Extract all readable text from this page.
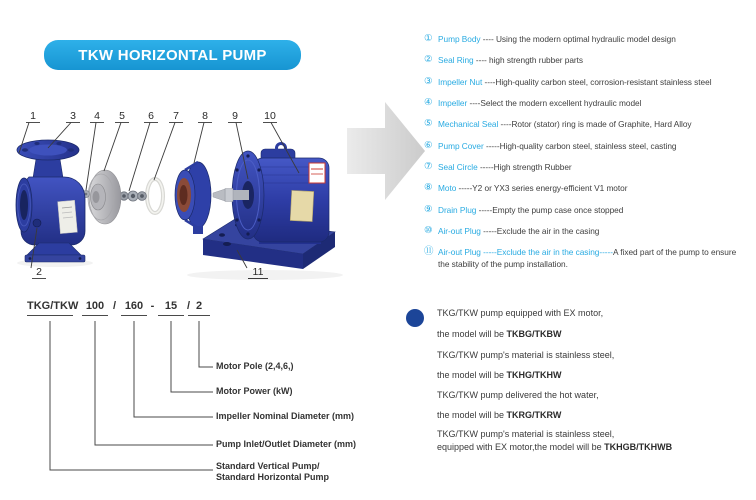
TKW HORIZONTAL PUMP
1	3 4 5 6 7 8 9 10
2	11
① Pump Body ---- Using the modern optimal hydraulic model design
② Seal Ring ---- high strength rubber parts
③ Impeller Nut ----High-quality carbon steel, corrosion-resistant stainless steel
④ Impeller ----Select the modern excellent hydraulic model
⑤ Mechanical Seal ----Rotor (stator) ring is made of Graphite, Hard Alloy
⑥ Pump Cover -----High-quality carbon steel, stainless steel, casting
⑦ Seal Circle -----High strength Rubber
⑧ Moto -----Y2 or YX3 series energy-efficient V1 motor
⑨ Drain Plug -----Empty the pump case once stopped
⑩ Air-out Plug -----Exclude the air in the casing
⑪ Air-out Plug -----Exclude the air in the casing-----A fixed part of the pump to ensure the stability of the pump installation.
TKG/TKW 100 / 160 - 15 / 2
Motor Pole (2,4,6,)
Motor Power (kW)
Impeller Nominal Diameter (mm)
Pump Inlet/Outlet Diameter (mm)
Standard Vertical Pump/
Standard Horizontal Pump
TKG/TKW pump equipped with EX motor,
the model will be TKBG/TKBW
TKG/TKW pump's material is stainless steel,
the model will be TKHG/TKHW
TKG/TKW pump delivered the hot water,
the model will be TKRG/TKRW
TKG/TKW pump's material is stainless steel,
equipped with EX motor,the model will be TKHGB/TKHWB
